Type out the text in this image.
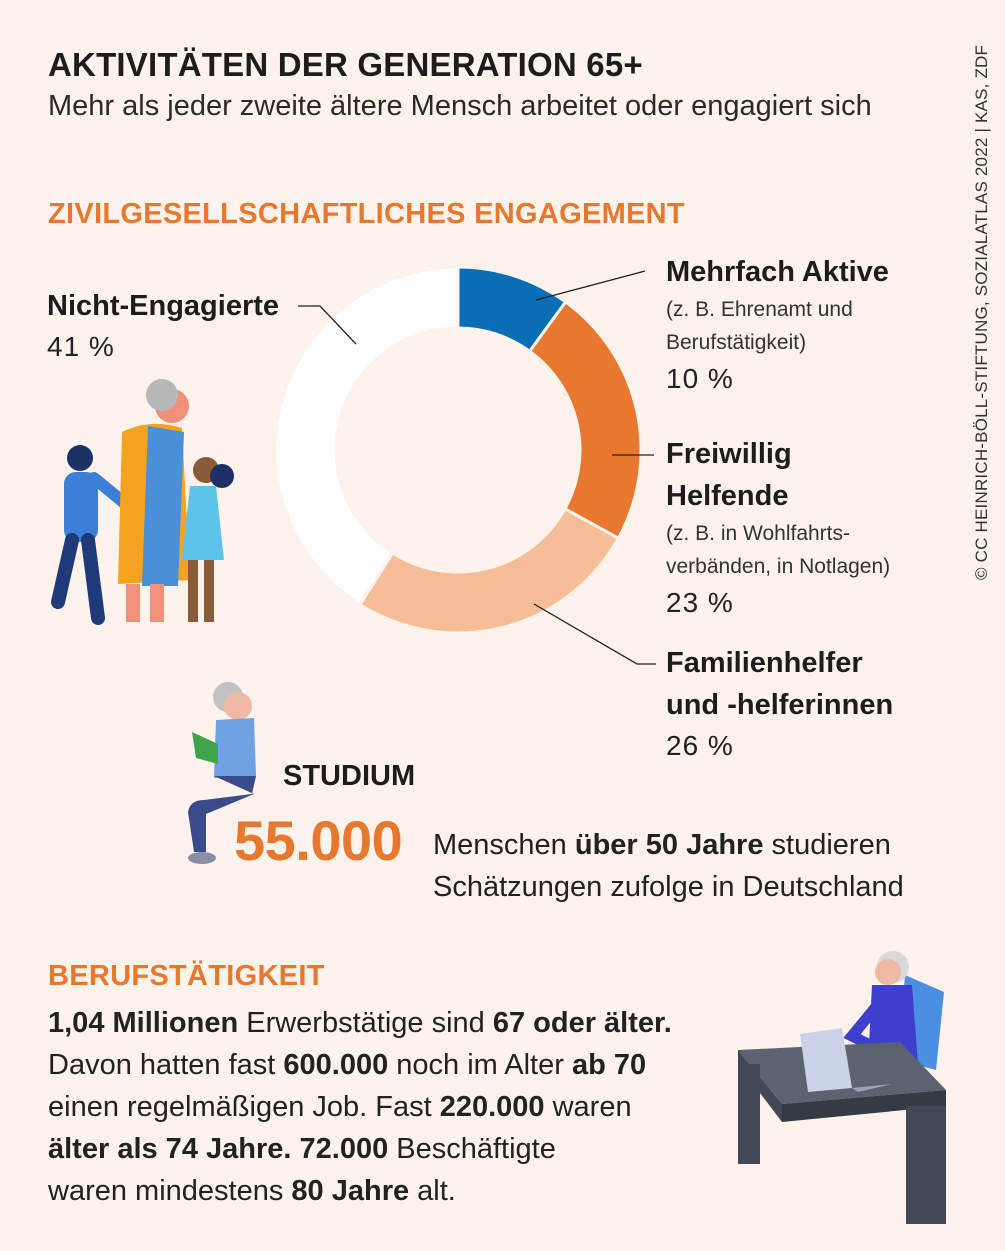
AKTIVITÄTEN DER GENERATION 65+
Mehr als jeder zweite ältere Mensch arbeitet oder engagiert sich	© CC HEINRICH-BÖLL-STIFTUNG, SOZIALATLAS 2022 | KAS, ZDF
ZIVILGESELLSCHAFTLICHES ENGAGEMENT
Mehrfach Aktive
(z. B. Ehrenamt und
Berufstätigkeit)
10 %
Freiwillig
Helfende
(z. B. in Wohlfahrts-
verbänden, in Notlagen)
23 %
Familienhelfer
und -helferinnen
26 %
Nicht-Engagierte
41 %
STUDIUM
55.000 Menschen über 50 Jahre studieren
Schätzungen zufolge in Deutschland
BERUFSTÄTIGKEIT
1,04 Millionen Erwerbstätige sind 67 oder älter.
Davon hatten fast 600.000 noch im Alter ab 70
einen regelmäßigen Job. Fast 220.000 waren
älter als 74 Jahre. 72.000 Beschäftigte
waren mindestens 80 Jahre alt.
